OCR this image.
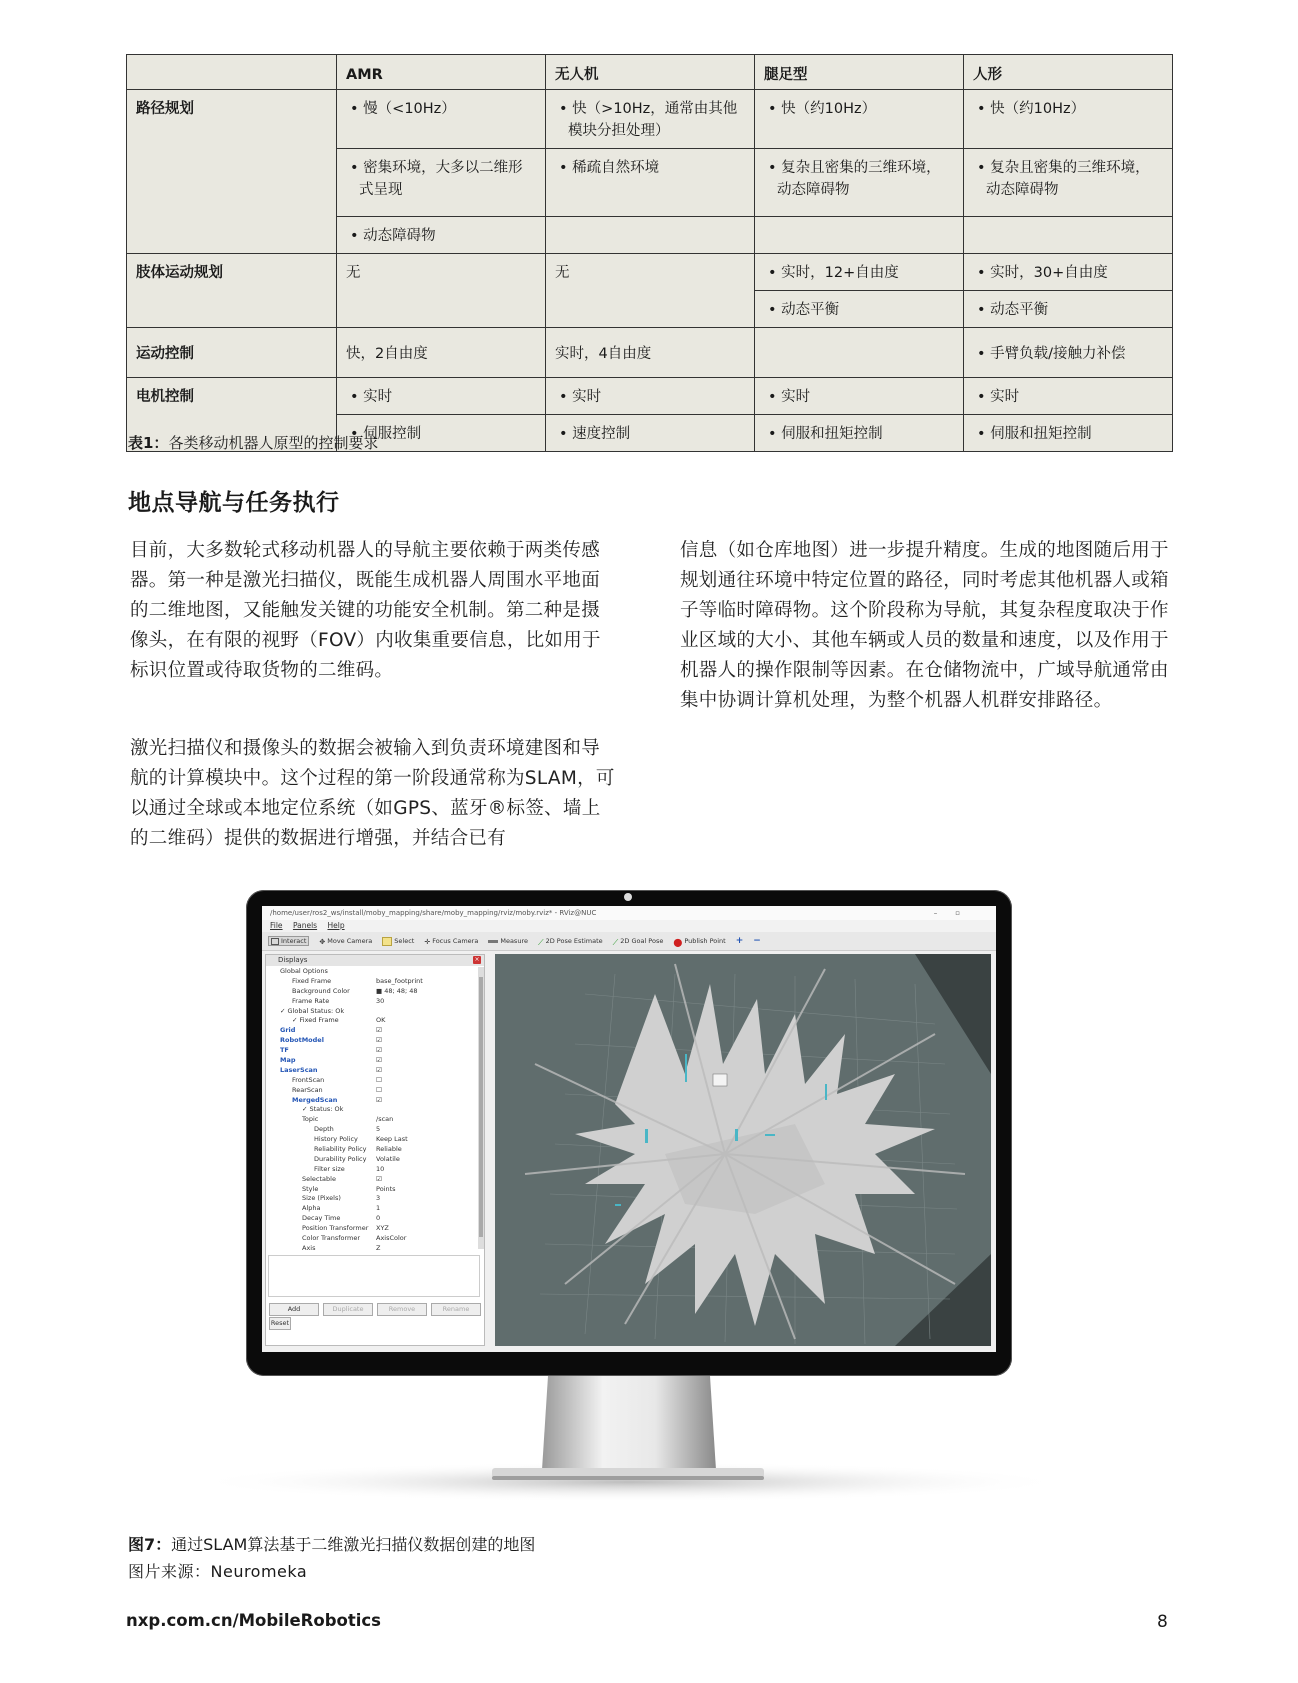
	AMR	无人机	腿足型	人形
路径规划	• 慢（<10Hz）	• 快（>10Hz，通常由其他模块分担处理）	• 快（约10Hz）	• 快（约10Hz）
	• 密集环境，大多以二维形式呈现	• 稀疏自然环境	• 复杂且密集的三维环境，动态障碍物	• 复杂且密集的三维环境，动态障碍物
	• 动态障碍物			
肢体运动规划	无	无	• 实时，12+自由度	• 实时，30+自由度
			• 动态平衡	• 动态平衡
运动控制	快，2自由度	实时，4自由度		• 手臂负载/接触力补偿
电机控制	• 实时	• 实时	• 实时	• 实时
	• 伺服控制	• 速度控制	• 伺服和扭矩控制	• 伺服和扭矩控制
表1：各类移动机器人原型的控制要求
地点导航与任务执行

目前，大多数轮式移动机器人的导航主要依赖于两类传感器。第一种是激光扫描仪，既能生成机器人周围水平地面的二维地图，又能触发关键的功能安全机制。第二种是摄像头，在有限的视野（FOV）内收集重要信息，比如用于标识位置或待取货物的二维码。

激光扫描仪和摄像头的数据会被输入到负责环境建图和导航的计算模块中。这个过程的第一阶段通常称为SLAM，可以通过全球或本地定位系统（如GPS、蓝牙®标签、墙上的二维码）提供的数据进行增强，并结合已有

信息（如仓库地图）进一步提升精度。生成的地图随后用于规划通往环境中特定位置的路径，同时考虑其他机器人或箱子等临时障碍物。这个阶段称为导航，其复杂程度取决于作业区域的大小、其他车辆或人员的数量和速度，以及作用于机器人的操作限制等因素。在仓储物流中，广域导航通常由集中协调计算机处理，为整个机器人机群安排路径。

/home/user/ros2_ws/install/moby_mapping/share/moby_mapping/rviz/moby.rviz* - RViz@NUC	–▫
File Panels Help
Interact ✥ Move Camera	Select ✛ Focus Camera	Measure ⟋ 2D Pose Estimate ⟋ 2D Goal Pose ⬤ Publish Point + −
Displays	×
Global Options
Fixed Frame	base_footprint
Background Color	■ 48; 48; 48
Frame Rate	30
✓ Global Status: Ok
✓ Fixed Frame	OK
Grid	☑
RobotModel	☑
TF	☑
Map	☑
LaserScan	☑
FrontScan	☐
RearScan	☐
MergedScan	☑
✓ Status: Ok
Topic	/scan
Depth	5
History Policy	Keep Last
Reliability Policy Reliable
Durability Policy Volatile
Filter size	10
Selectable	☑
Style	Points
Size (Pixels)	3
Alpha	1
Decay Time	0
Position Transformer XYZ
Color Transformer AxisColor
Axis	Z
Add	Duplicate	Remove	Rename
Reset
图7：通过SLAM算法基于二维激光扫描仪数据创建的地图
图片来源：Neuromeka
nxp.com.cn/MobileRobotics	8
